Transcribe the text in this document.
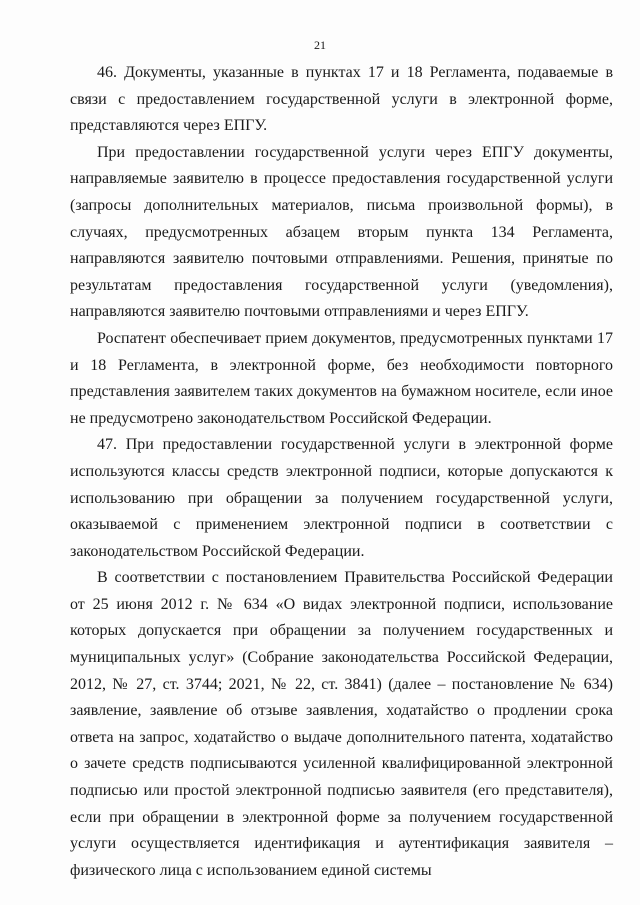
21

46. Документы, указанные в пунктах 17 и 18 Регламента, подаваемые в связи с предоставлением государственной услуги в электронной форме, представляются через ЕПГУ.

При предоставлении государственной услуги через ЕПГУ документы, направляемые заявителю в процессе предоставления государственной услуги (запросы дополнительных материалов, письма произвольной формы), в случаях, предусмотренных абзацем вторым пункта 134 Регламента, направляются заявителю почтовыми отправлениями. Решения, принятые по результатам предоставления государственной услуги (уведомления), направляются заявителю почтовыми отправлениями и через ЕПГУ.

Роспатент обеспечивает прием документов, предусмотренных пунктами 17 и 18 Регламента, в электронной форме, без необходимости повторного представления заявителем таких документов на бумажном носителе, если иное не предусмотрено законодательством Российской Федерации.

47. При предоставлении государственной услуги в электронной форме используются классы средств электронной подписи, которые допускаются к использованию при обращении за получением государственной услуги, оказываемой с применением электронной подписи в соответствии с законодательством Российской Федерации.

В соответствии с постановлением Правительства Российской Федерации от 25 июня 2012 г. № 634 «О видах электронной подписи, использование которых допускается при обращении за получением государственных и муниципальных услуг» (Собрание законодательства Российской Федерации, 2012, № 27, ст. 3744; 2021, № 22, ст. 3841) (далее – постановление № 634) заявление, заявление об отзыве заявления, ходатайство о продлении срока ответа на запрос, ходатайство о выдаче дополнительного патента, ходатайство о зачете средств подписываются усиленной квалифицированной электронной подписью или простой электронной подписью заявителя (его представителя), если при обращении в электронной форме за получением государственной услуги осуществляется идентификация и аутентификация заявителя – физического лица с использованием единой системы
